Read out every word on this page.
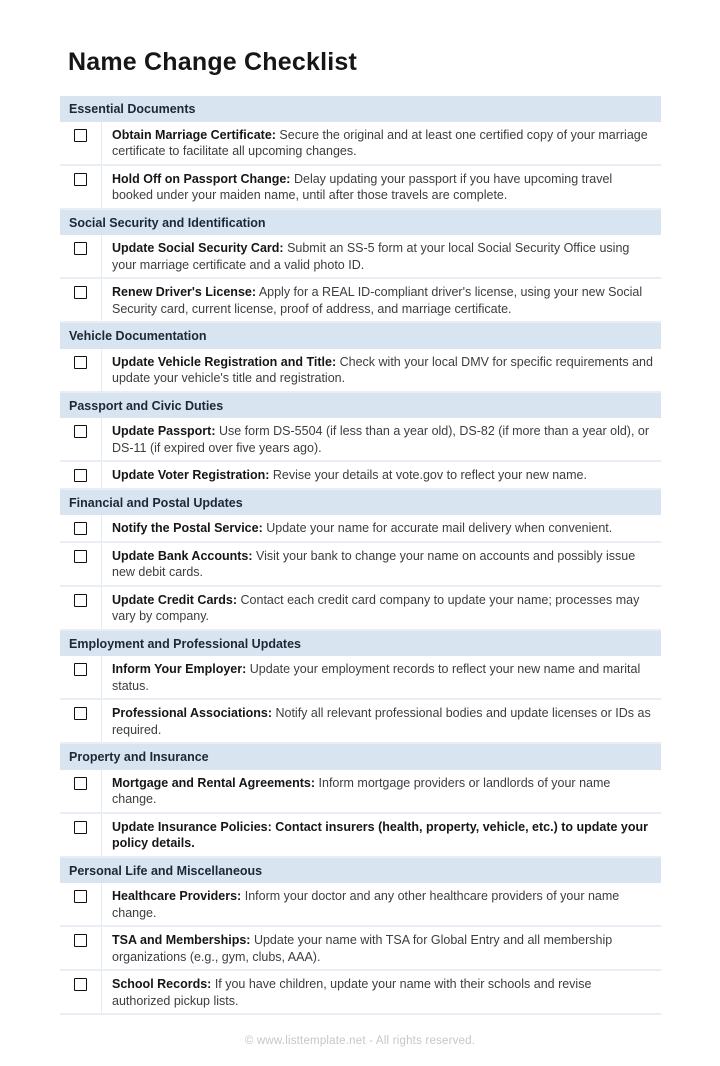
Name Change Checklist
Essential Documents
Obtain Marriage Certificate: Secure the original and at least one certified copy of your marriage certificate to facilitate all upcoming changes.
Hold Off on Passport Change: Delay updating your passport if you have upcoming travel booked under your maiden name, until after those travels are complete.
Social Security and Identification
Update Social Security Card: Submit an SS-5 form at your local Social Security Office using your marriage certificate and a valid photo ID.
Renew Driver's License: Apply for a REAL ID-compliant driver's license, using your new Social Security card, current license, proof of address, and marriage certificate.
Vehicle Documentation
Update Vehicle Registration and Title: Check with your local DMV for specific requirements and update your vehicle's title and registration.
Passport and Civic Duties
Update Passport: Use form DS-5504 (if less than a year old), DS-82 (if more than a year old), or DS-11 (if expired over five years ago).
Update Voter Registration: Revise your details at vote.gov to reflect your new name.
Financial and Postal Updates
Notify the Postal Service: Update your name for accurate mail delivery when convenient.
Update Bank Accounts: Visit your bank to change your name on accounts and possibly issue new debit cards.
Update Credit Cards: Contact each credit card company to update your name; processes may vary by company.
Employment and Professional Updates
Inform Your Employer: Update your employment records to reflect your new name and marital status.
Professional Associations: Notify all relevant professional bodies and update licenses or IDs as required.
Property and Insurance
Mortgage and Rental Agreements: Inform mortgage providers or landlords of your name change.
Update Insurance Policies: Contact insurers (health, property, vehicle, etc.) to update your policy details.
Personal Life and Miscellaneous
Healthcare Providers: Inform your doctor and any other healthcare providers of your name change.
TSA and Memberships: Update your name with TSA for Global Entry and all membership organizations (e.g., gym, clubs, AAA).
School Records: If you have children, update your name with their schools and revise authorized pickup lists.
© www.listtemplate.net - All rights reserved.
